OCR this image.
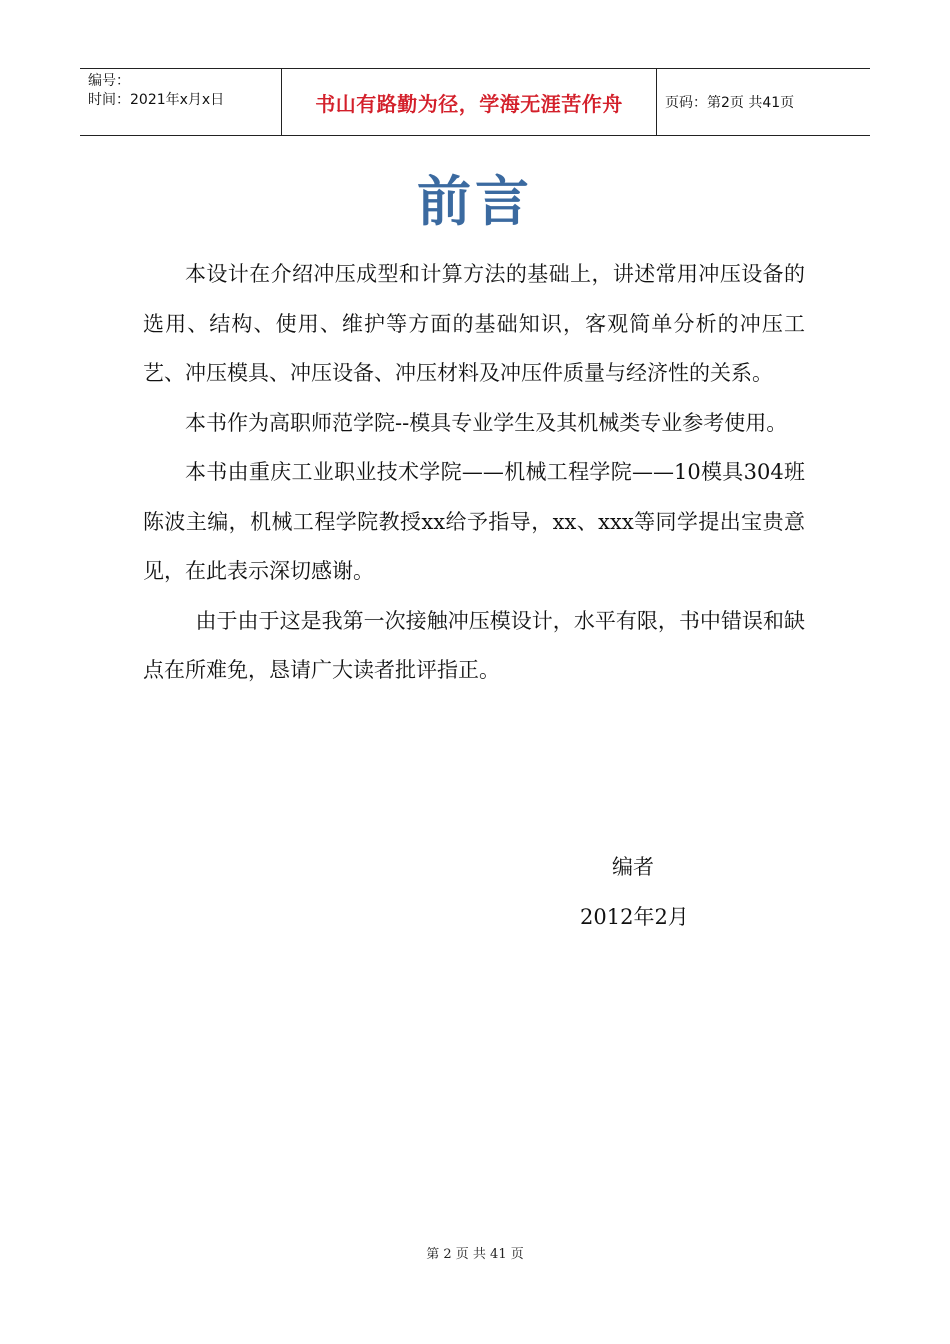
编号：
时间：2021年x月x日	书山有路勤为径，学海无涯苦作舟	页码：第2页 共41页
前言

本设计在介绍冲压成型和计算方法的基础上，讲述常用冲压设备的选用、结构、使用、维护等方面的基础知识，客观简单分析的冲压工艺、冲压模具、冲压设备、冲压材料及冲压件质量与经济性的关系。

本书作为高职师范学院--模具专业学生及其机械类专业参考使用。

本书由重庆工业职业技术学院——机械工程学院——10模具304班陈波主编，机械工程学院教授xx给予指导，xx、xxx等同学提出宝贵意见，在此表示深切感谢。

由于由于这是我第一次接触冲压模设计，水平有限，书中错误和缺点在所难免，恳请广大读者批评指正。

编者
2012年2月
第 2 页 共 41 页
